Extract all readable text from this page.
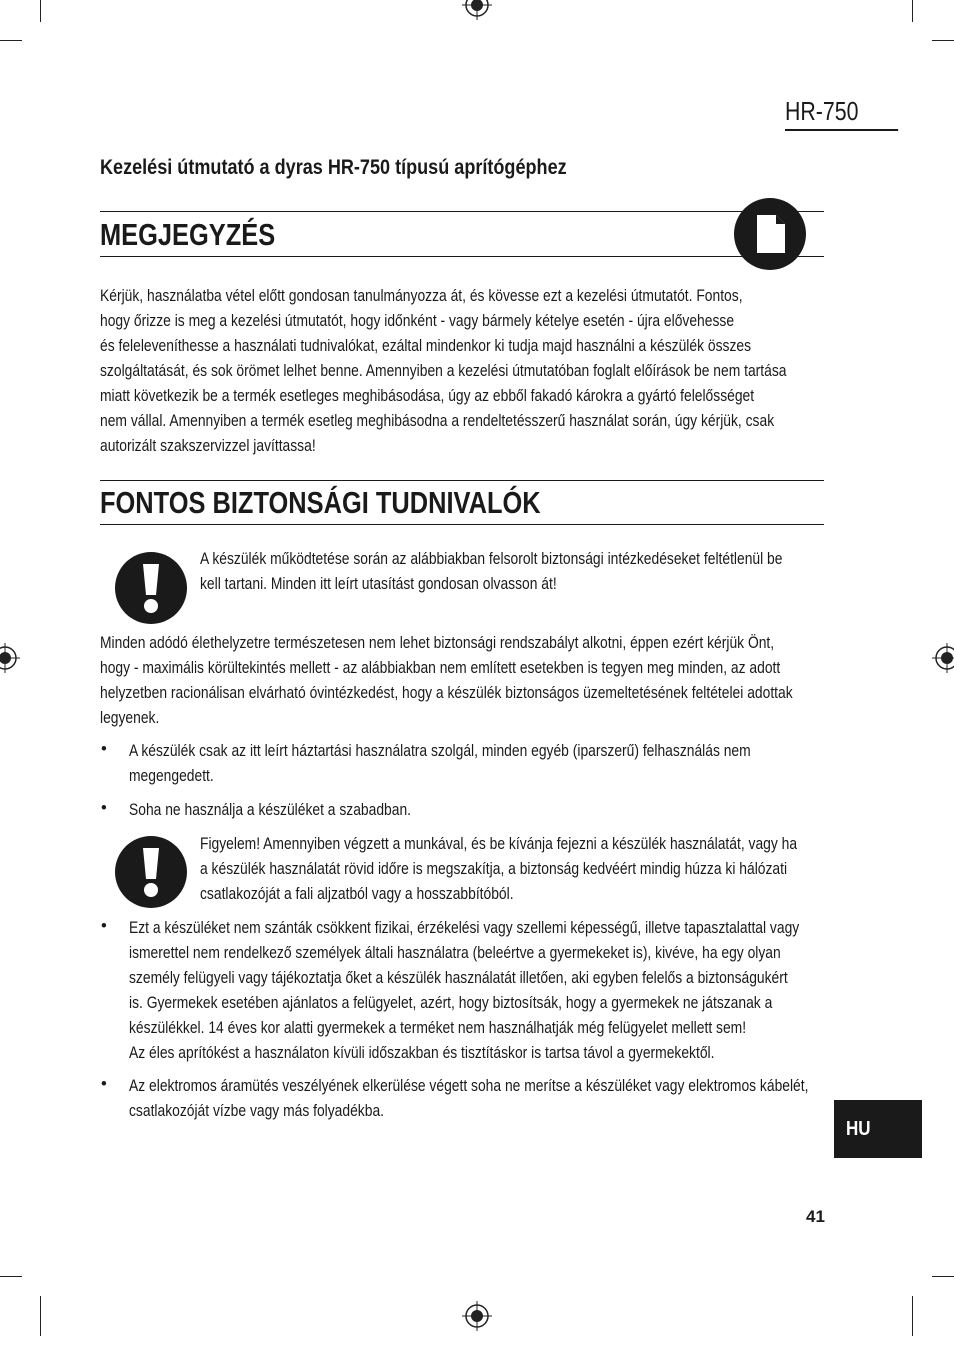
HR-750
Kezelési útmutató a dyras HR-750 típusú aprítógéphez
MEGJEGYZÉS
Kérjük, használatba vétel előtt gondosan tanulmányozza át, és kövesse ezt a kezelési útmutatót. Fontos,
hogy őrizze is meg a kezelési útmutatót, hogy időnként - vagy bármely kételye esetén - újra elővehesse
és feleleveníthesse a használati tudnivalókat, ezáltal mindenkor ki tudja majd használni a készülék összes
szolgáltatását, és sok örömet lelhet benne. Amennyiben a kezelési útmutatóban foglalt előírások be nem tartása
miatt következik be a termék esetleges meghibásodása, úgy az ebből fakadó károkra a gyártó felelősséget
nem vállal. Amennyiben a termék esetleg meghibásodna a rendeltetésszerű használat során, úgy kérjük, csak
autorizált szakszervizzel javíttassa!
FONTOS BIZTONSÁGI TUDNIVALÓK
A készülék működtetése során az alábbiakban felsorolt biztonsági intézkedéseket feltétlenül be
kell tartani. Minden itt leírt utasítást gondosan olvasson át!
Minden adódó élethelyzetre természetesen nem lehet biztonsági rendszabályt alkotni, éppen ezért kérjük Önt,
hogy - maximális körültekintés mellett - az alábbiakban nem említett esetekben is tegyen meg minden, az adott
helyzetben racionálisan elvárható óvintézkedést, hogy a készülék biztonságos üzemeltetésének feltételei adottak
legyenek.
• A készülék csak az itt leírt háztartási használatra szolgál, minden egyéb (iparszerű) felhasználás nem
megengedett.
• Soha ne használja a készüléket a szabadban.
Figyelem! Amennyiben végzett a munkával, és be kívánja fejezni a készülék használatát, vagy ha
a készülék használatát rövid időre is megszakítja, a biztonság kedvéért mindig húzza ki hálózati
csatlakozóját a fali aljzatból vagy a hosszabbítóból.
• Ezt a készüléket nem szánták csökkent fizikai, érzékelési vagy szellemi képességű, illetve tapasztalattal vagy
ismerettel nem rendelkező személyek általi használatra (beleértve a gyermekeket is), kivéve, ha egy olyan
személy felügyeli vagy tájékoztatja őket a készülék használatát illetően, aki egyben felelős a biztonságukért
is. Gyermekek esetében ajánlatos a felügyelet, azért, hogy biztosítsák, hogy a gyermekek ne játszanak a
készülékkel. 14 éves kor alatti gyermekek a terméket nem használhatják még felügyelet mellett sem!
Az éles aprítókést a használaton kívüli időszakban és tisztításkor is tartsa távol a gyermekektől.
• Az elektromos áramütés veszélyének elkerülése végett soha ne merítse a készüléket vagy elektromos kábelét,
csatlakozóját vízbe vagy más folyadékba.
HU
41
